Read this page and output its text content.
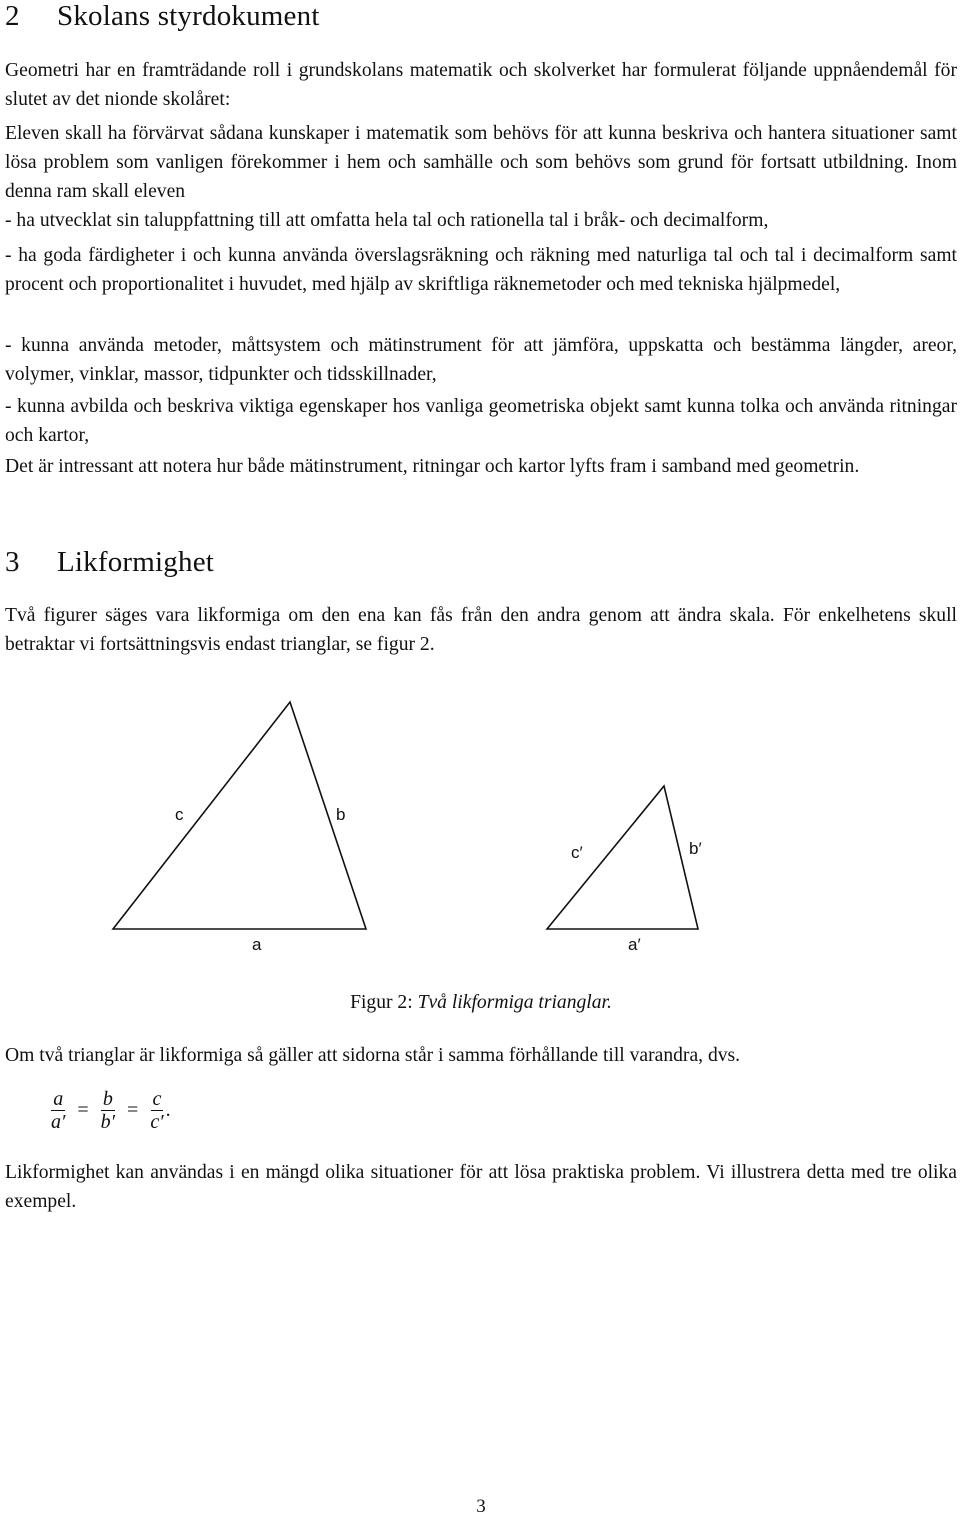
2 Skolans styrdokument

Geometri har en framträdande roll i grundskolans matematik och skolverket har formulerat följande uppnåendemål för slutet av det nionde skolåret:

Eleven skall ha förvärvat sådana kunskaper i matematik som behövs för att kunna beskriva och hantera situationer samt lösa problem som vanligen förekommer i hem och samhälle och som behövs som grund för fortsatt utbildning. Inom denna ram skall eleven

- ha utvecklat sin taluppfattning till att omfatta hela tal och rationella tal i bråk- och decimalform,

- ha goda färdigheter i och kunna använda överslagsräkning och räkning med naturliga tal och tal i decimalform samt procent och proportionalitet i huvudet, med hjälp av skriftliga räknemetoder och med tekniska hjälpmedel,

- kunna använda metoder, måttsystem och mätinstrument för att jämföra, uppskatta och bestämma längder, areor, volymer, vinklar, massor, tidpunkter och tidsskillnader,

- kunna avbilda och beskriva viktiga egenskaper hos vanliga geometriska objekt samt kunna tolka och använda ritningar och kartor,

Det är intressant att notera hur både mätinstrument, ritningar och kartor lyfts fram i samband med geometrin.

3 Likformighet

Två figurer säges vara likformiga om den ena kan fås från den andra genom att ändra skala. För enkelhetens skull betraktar vi fortsättningsvis endast trianglar, se figur 2.

c	b
a
c′	b′
a′
Figur 2: Två likformiga trianglar.

Om två trianglar är likformiga så gäller att sidorna står i samma förhållande till varandra, dvs.

$\frac{a}{a'} = \frac{b}{b'} = \frac{c}{c'}$ .

Likformighet kan användas i en mängd olika situationer för att lösa praktiska problem. Vi illustrera detta med tre olika exempel.

3
